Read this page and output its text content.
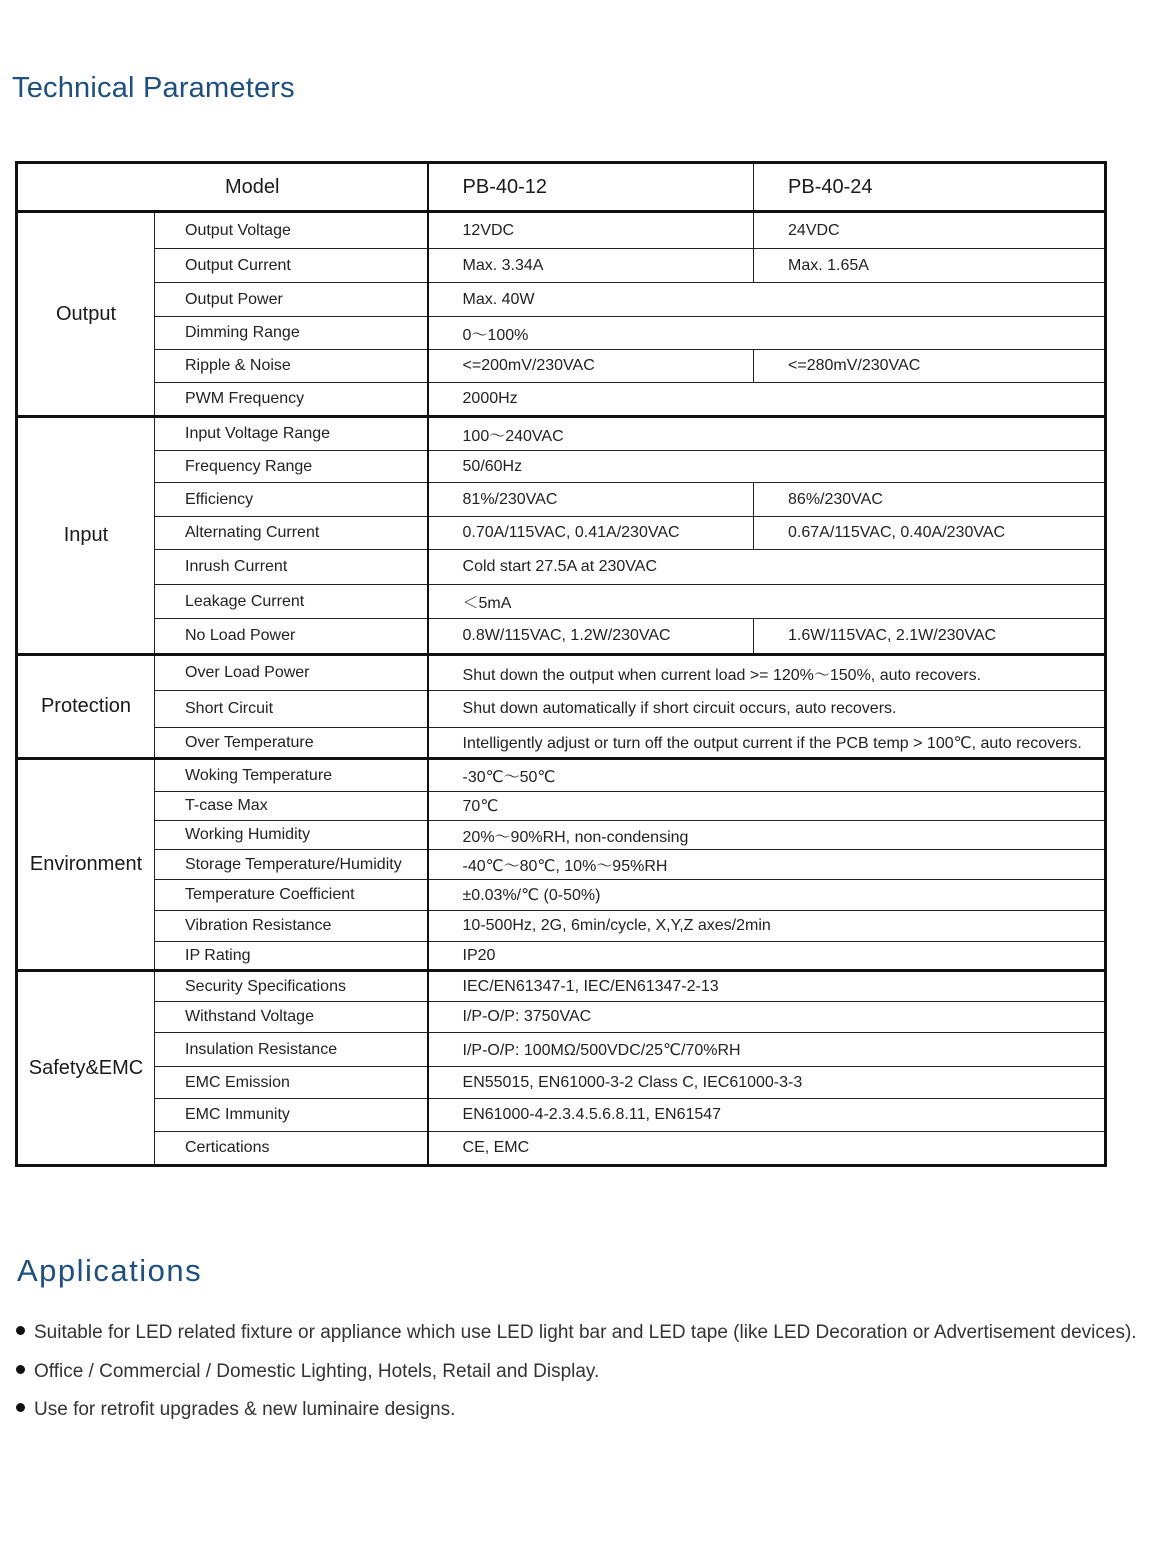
Technical Parameters
Model		PB-40-12	PB-40-24
Output	Output Voltage	12VDC	24VDC
	Output Current	Max. 3.34A	Max. 1.65A
	Output Power	Max. 40W	
	Dimming Range	0～100%	
	Ripple & Noise	<=200mV/230VAC	<=280mV/230VAC
	PWM Frequency	2000Hz	
Input	Input Voltage Range	100～240VAC	
	Frequency Range	50/60Hz	
	Efficiency	81%/230VAC	86%/230VAC
	Alternating Current	0.70A/115VAC, 0.41A/230VAC	0.67A/115VAC, 0.40A/230VAC
	Inrush Current	Cold start 27.5A at 230VAC	
	Leakage Current	＜5mA	
	No Load Power	0.8W/115VAC, 1.2W/230VAC	1.6W/115VAC, 2.1W/230VAC
Protection	Over Load Power	Shut down the output when current load >= 120%～150%, auto recovers.	
	Short Circuit	Shut down automatically if short circuit occurs, auto recovers.	
	Over Temperature	Intelligently adjust or turn off the output current if the PCB temp > 100℃, auto recovers.	
Environment	Woking Temperature	-30℃～50℃	
	T-case Max	70℃	
	Working Humidity	20%～90%RH, non-condensing	
	Storage Temperature/Humidity	-40℃～80℃, 10%～95%RH	
	Temperature Coefficient	±0.03%/℃ (0-50%)	
	Vibration Resistance	10-500Hz, 2G, 6min/cycle, X,Y,Z axes/2min	
	IP Rating	IP20	
Safety&EMC	Security Specifications	IEC/EN61347-1, IEC/EN61347-2-13	
	Withstand Voltage	I/P-O/P: 3750VAC	
	Insulation Resistance	I/P-O/P: 100MΩ/500VDC/25℃/70%RH	
	EMC Emission	EN55015, EN61000-3-2 Class C, IEC61000-3-3	
	EMC Immunity	EN61000-4-2.3.4.5.6.8.11, EN61547	
	Certications	CE, EMC	
Applications
Suitable for LED related fixture or appliance which use LED light bar and LED tape (like LED Decoration or Advertisement devices).
Office / Commercial / Domestic Lighting, Hotels, Retail and Display.
Use for retrofit upgrades & new luminaire designs.
